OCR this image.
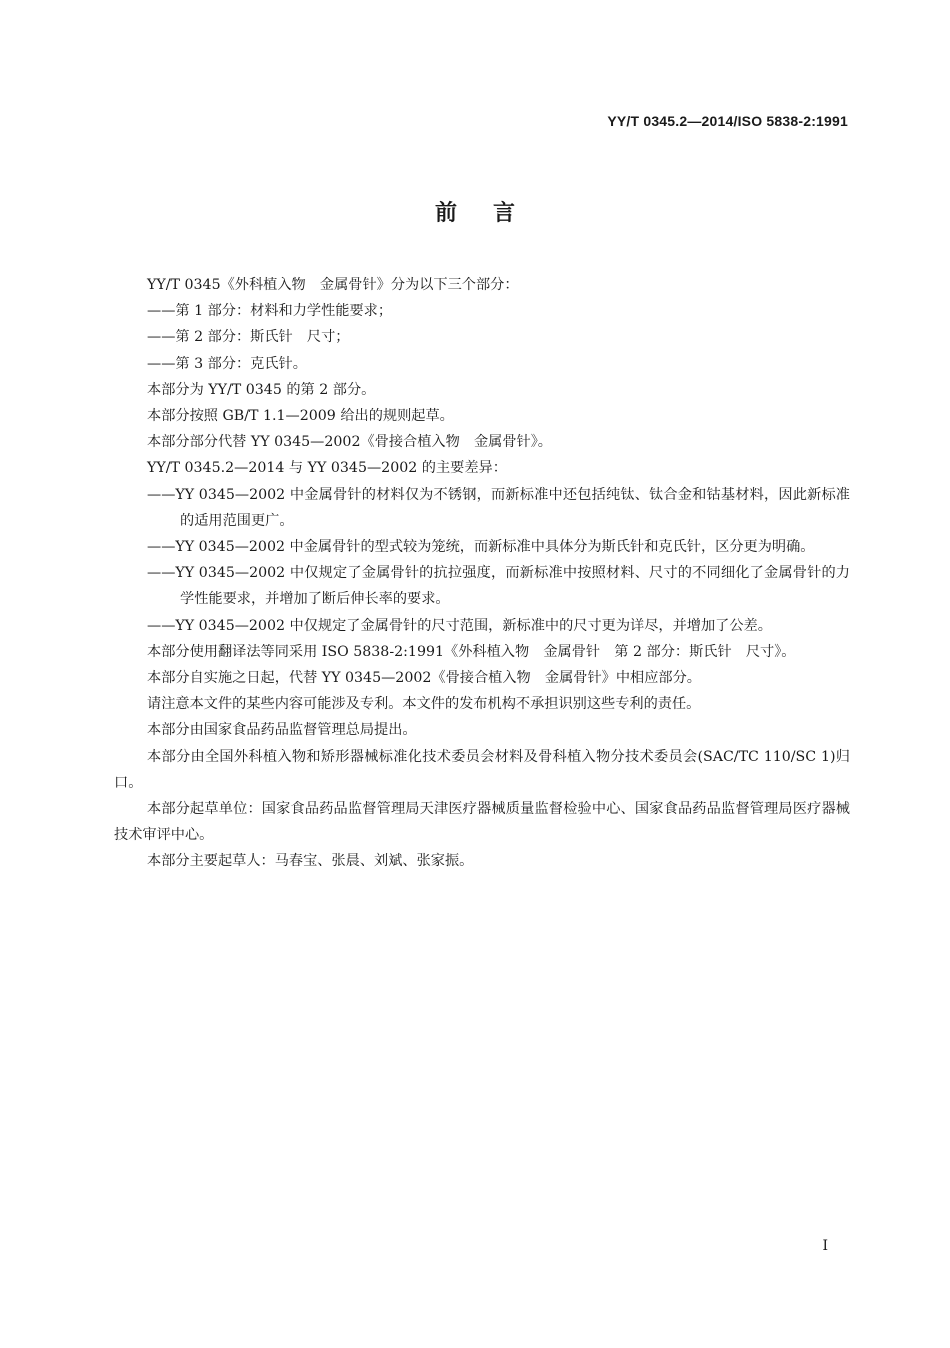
YY/T 0345.2—2014/ISO 5838-2:1991
前言

YY/T 0345《外科植入物　金属骨针》分为以下三个部分：

——第 1 部分：材料和力学性能要求；

——第 2 部分：斯氏针　尺寸；

——第 3 部分：克氏针。

本部分为 YY/T 0345 的第 2 部分。

本部分按照 GB/T 1.1—2009 给出的规则起草。

本部分部分代替 YY 0345—2002《骨接合植入物　金属骨针》。

YY/T 0345.2—2014 与 YY 0345—2002 的主要差异：

——YY 0345—2002 中金属骨针的材料仅为不锈钢，而新标准中还包括纯钛、钛合金和钴基材料，因此新标准的适用范围更广。

——YY 0345—2002 中金属骨针的型式较为笼统，而新标准中具体分为斯氏针和克氏针，区分更为明确。

——YY 0345—2002 中仅规定了金属骨针的抗拉强度，而新标准中按照材料、尺寸的不同细化了金属骨针的力学性能要求，并增加了断后伸长率的要求。

——YY 0345—2002 中仅规定了金属骨针的尺寸范围，新标准中的尺寸更为详尽，并增加了公差。

本部分使用翻译法等同采用 ISO 5838-2:1991《外科植入物　金属骨针　第 2 部分：斯氏针　尺寸》。

本部分自实施之日起，代替 YY 0345—2002《骨接合植入物　金属骨针》中相应部分。

请注意本文件的某些内容可能涉及专利。本文件的发布机构不承担识别这些专利的责任。

本部分由国家食品药品监督管理总局提出。

本部分由全国外科植入物和矫形器械标准化技术委员会材料及骨科植入物分技术委员会(SAC/TC 110/SC 1)归口。

本部分起草单位：国家食品药品监督管理局天津医疗器械质量监督检验中心、国家食品药品监督管理局医疗器械技术审评中心。

本部分主要起草人：马春宝、张晨、刘斌、张家振。

I
